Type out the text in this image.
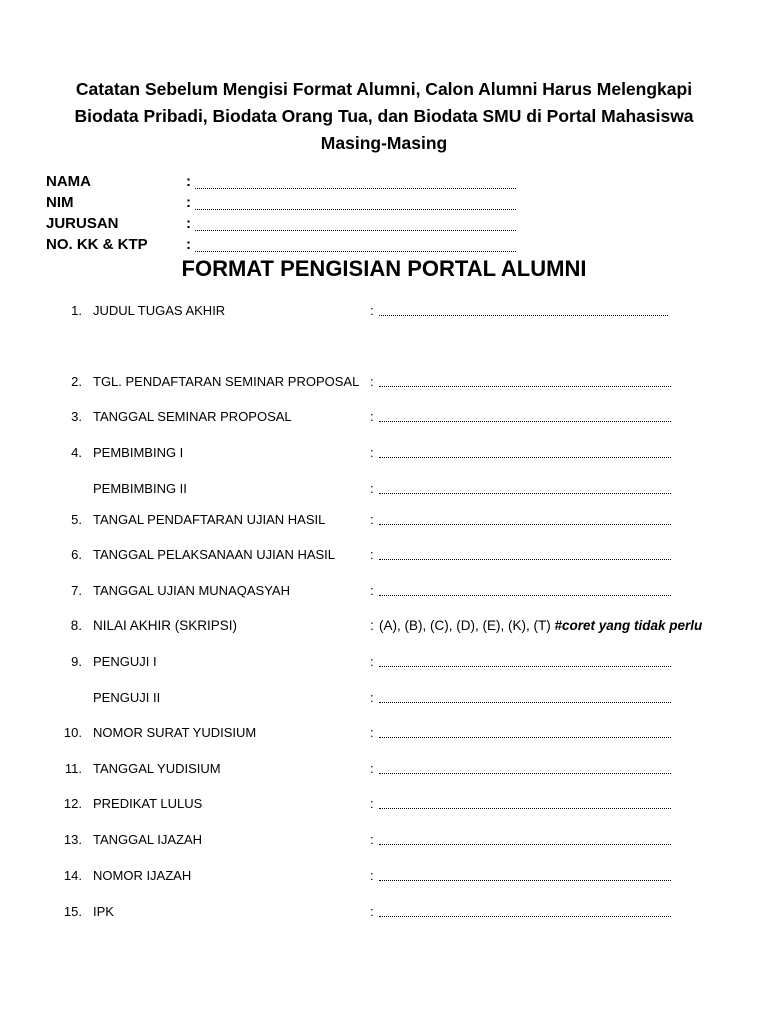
Catatan Sebelum Mengisi Format Alumni, Calon Alumni Harus Melengkapi
Biodata Pribadi, Biodata Orang Tua, dan Biodata SMU di Portal Mahasiswa
Masing-Masing
NAMA	:
NIM	:
JURUSAN	:
NO. KK & KTP	:
FORMAT PENGISIAN PORTAL ALUMNI
1. JUDUL TUGAS AKHIR	:
2. TGL. PENDAFTARAN SEMINAR PROPOSAL :
3. TANGGAL SEMINAR PROPOSAL	:
4. PEMBIMBING I	:
PEMBIMBING II	:
5. TANGAL PENDAFTARAN UJIAN HASIL	:
6. TANGGAL PELAKSANAAN UJIAN HASIL	:
7. TANGGAL UJIAN MUNAQASYAH	:
8. NILAI AKHIR (SKRIPSI)	: (A), (B), (C), (D), (E), (K), (T) #coret yang tidak perlu
9. PENGUJI I	:
PENGUJI II	:
10. NOMOR SURAT YUDISIUM	:
11. TANGGAL YUDISIUM	:
12. PREDIKAT LULUS	:
13. TANGGAL IJAZAH	:
14. NOMOR IJAZAH	:
15. IPK	:
